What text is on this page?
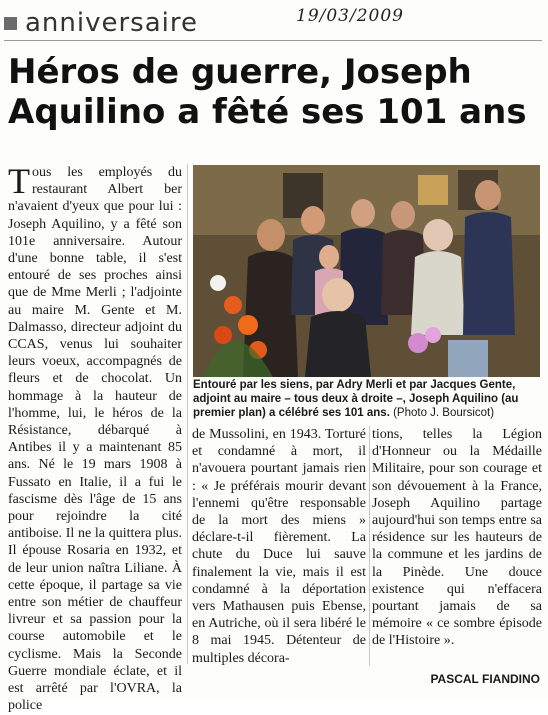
anniversaire	19/03/2009
Héros de guerre, Joseph Aquilino a fêté ses 101 ans
Tous les employés du restaurant Albert ber n'avaient d'yeux que pour lui : Joseph Aquilino, y a fêté son 101e anniversaire. Autour d'une bonne table, il s'est entouré de ses proches ainsi que de Mme Merli ; l'adjointe au maire M. Gente et M. Dalmasso, directeur adjoint du CCAS, venus lui souhaiter leurs voeux, accompagnés de fleurs et de chocolat. Un hommage à la hauteur de l'homme, lui, le héros de la Résistance, débarqué à Antibes il y a maintenant 85 ans. Né le 19 mars 1908 à Fussato en Italie, il a fui le fascisme dès l'âge de 15 ans pour rejoindre la cité antiboise. Il ne la quittera plus. Il épouse Rosaria en 1932, et de leur union naîtra Liliane. À cette époque, il partage sa vie entre son métier de chauffeur livreur et sa passion pour la course automobile et le cyclisme. Mais la Seconde Guerre mondiale éclate, et il est arrêté par l'OVRA, la police
Entouré par les siens, par Adry Merli et par Jacques Gente, adjoint au maire – tous deux à droite –, Joseph Aquilino (au premier plan) a célébré ses 101 ans. (Photo J. Boursicot)
de Mussolini, en 1943. Torturé et condamné à mort, il n'avouera pourtant jamais rien : « Je préférais mourir devant l'ennemi qu'être responsable de la mort des miens » déclare-t-il fièrement. La chute du Duce lui sauve finalement la vie, mais il est condamné à la déportation vers Mathausen puis Ebense, en Autriche, où il sera libéré le 8 mai 1945. Détenteur de multiples décora-
tions, telles la Légion d'Honneur ou la Médaille Militaire, pour son courage et son dévouement à la France, Joseph Aquilino partage aujourd'hui son temps entre sa résidence sur les hauteurs de la commune et les jardins de la Pinède. Une douce existence qui n'effacera pourtant jamais de sa mémoire « ce sombre épisode de l'Histoire ».
PASCAL FIANDINO
